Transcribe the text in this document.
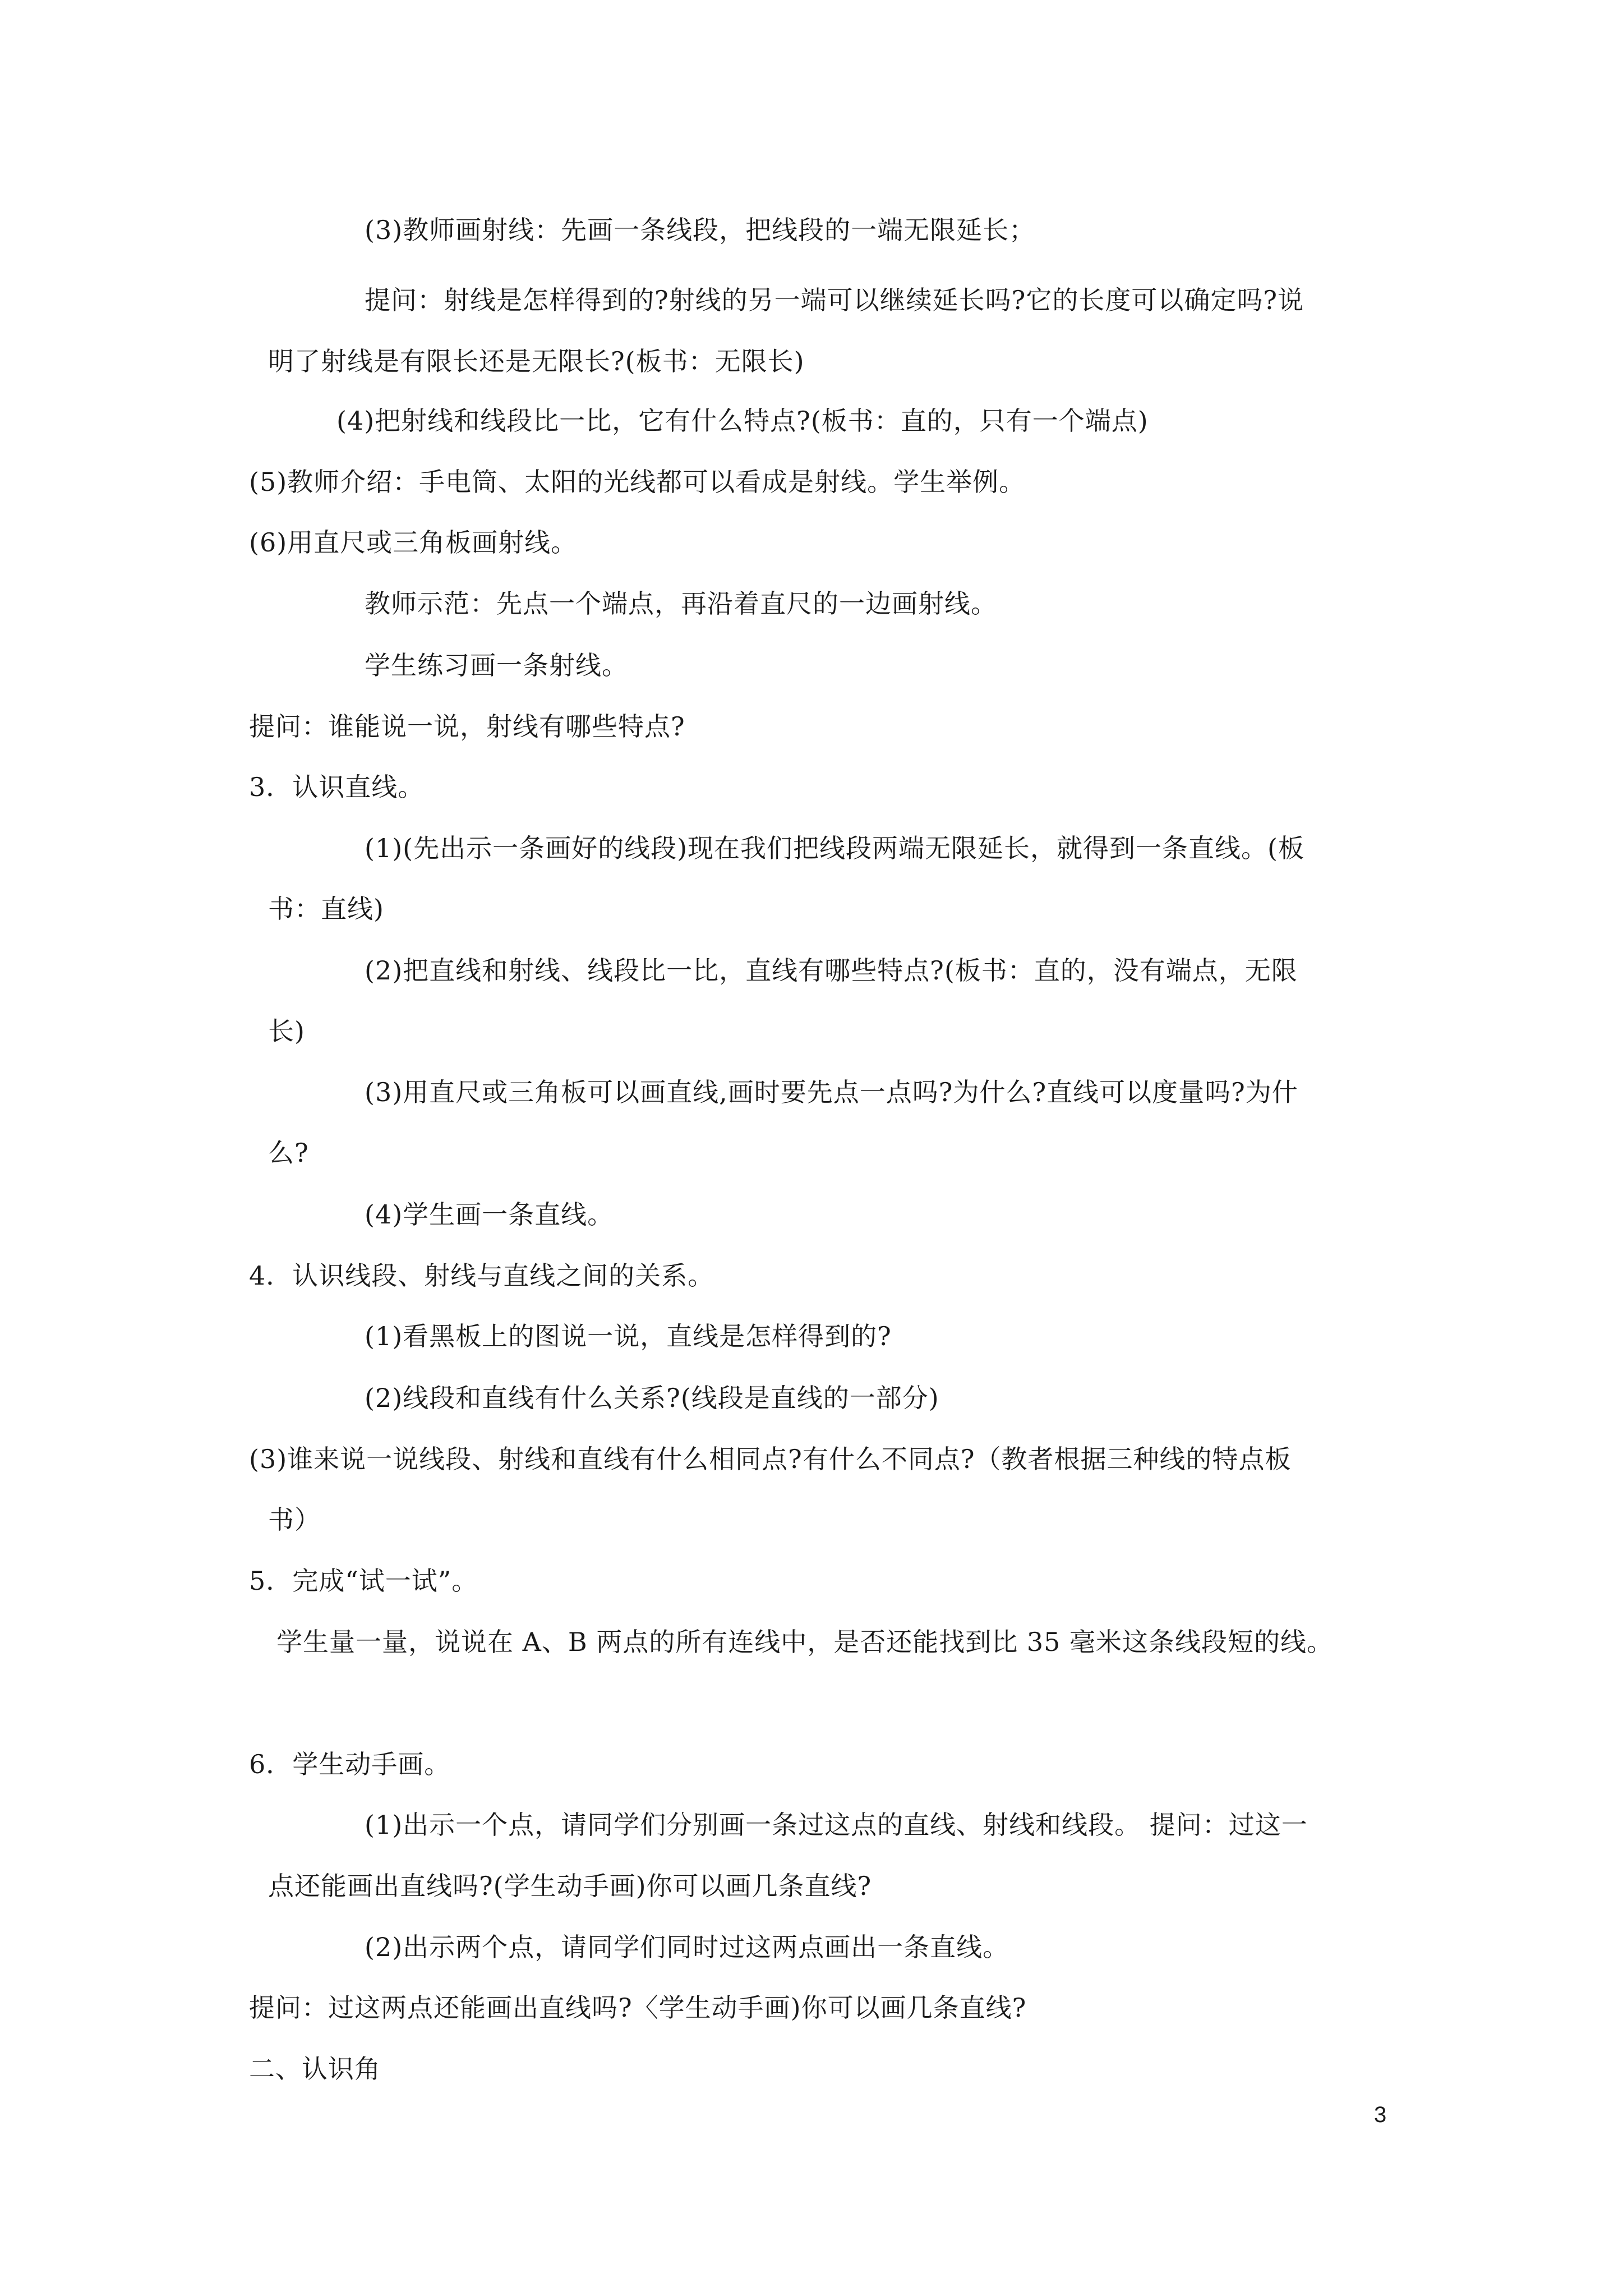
(3)教师画射线：先画一条线段，把线段的一端无限延长；
提问：射线是怎样得到的?射线的另一端可以继续延长吗?它的长度可以确定吗?说
明了射线是有限长还是无限长?(板书：无限长)
(4)把射线和线段比一比，它有什么特点?(板书：直的，只有一个端点)
(5)教师介绍：手电筒、太阳的光线都可以看成是射线。学生举例。
(6)用直尺或三角板画射线。
教师示范：先点一个端点，再沿着直尺的一边画射线。
学生练习画一条射线。
提问：谁能说一说，射线有哪些特点?
3．认识直线。
(1)(先出示一条画好的线段)现在我们把线段两端无限延长，就得到一条直线。(板
书：直线)
(2)把直线和射线、线段比一比，直线有哪些特点?(板书：直的，没有端点，无限
长)
(3)用直尺或三角板可以画直线,画时要先点一点吗?为什么?直线可以度量吗?为什
么?
(4)学生画一条直线。
4．认识线段、射线与直线之间的关系。
(1)看黑板上的图说一说，直线是怎样得到的?
(2)线段和直线有什么关系?(线段是直线的一部分)
(3)谁来说一说线段、射线和直线有什么相同点?有什么不同点?（教者根据三种线的特点板
书）
5．完成“试一试”。
学生量一量，说说在 A、B 两点的所有连线中，是否还能找到比 35 毫米这条线段短的线。
6．学生动手画。
(1)出示一个点，请同学们分别画一条过这点的直线、射线和线段。 提问：过这一
点还能画出直线吗?(学生动手画)你可以画几条直线?
(2)出示两个点，请同学们同时过这两点画出一条直线。
提问：过这两点还能画出直线吗?〈学生动手画)你可以画几条直线?
二、认识角
3
